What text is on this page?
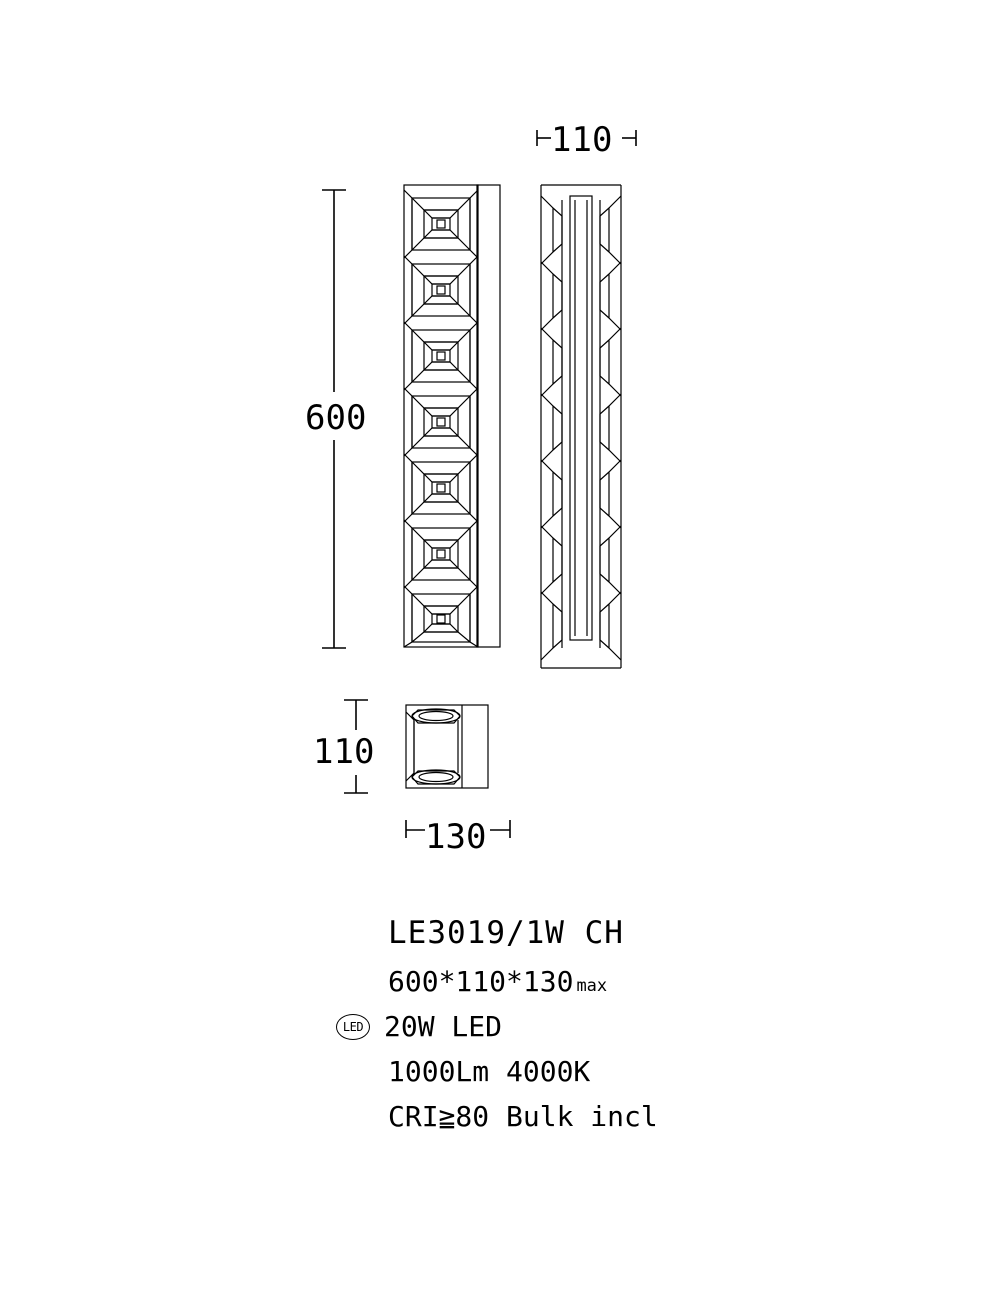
110
600
110
130
LE3019/1W CH
600*110*130 max
LED 20W LED
1000Lm 4000K
CRI≧80 Bulk incl
